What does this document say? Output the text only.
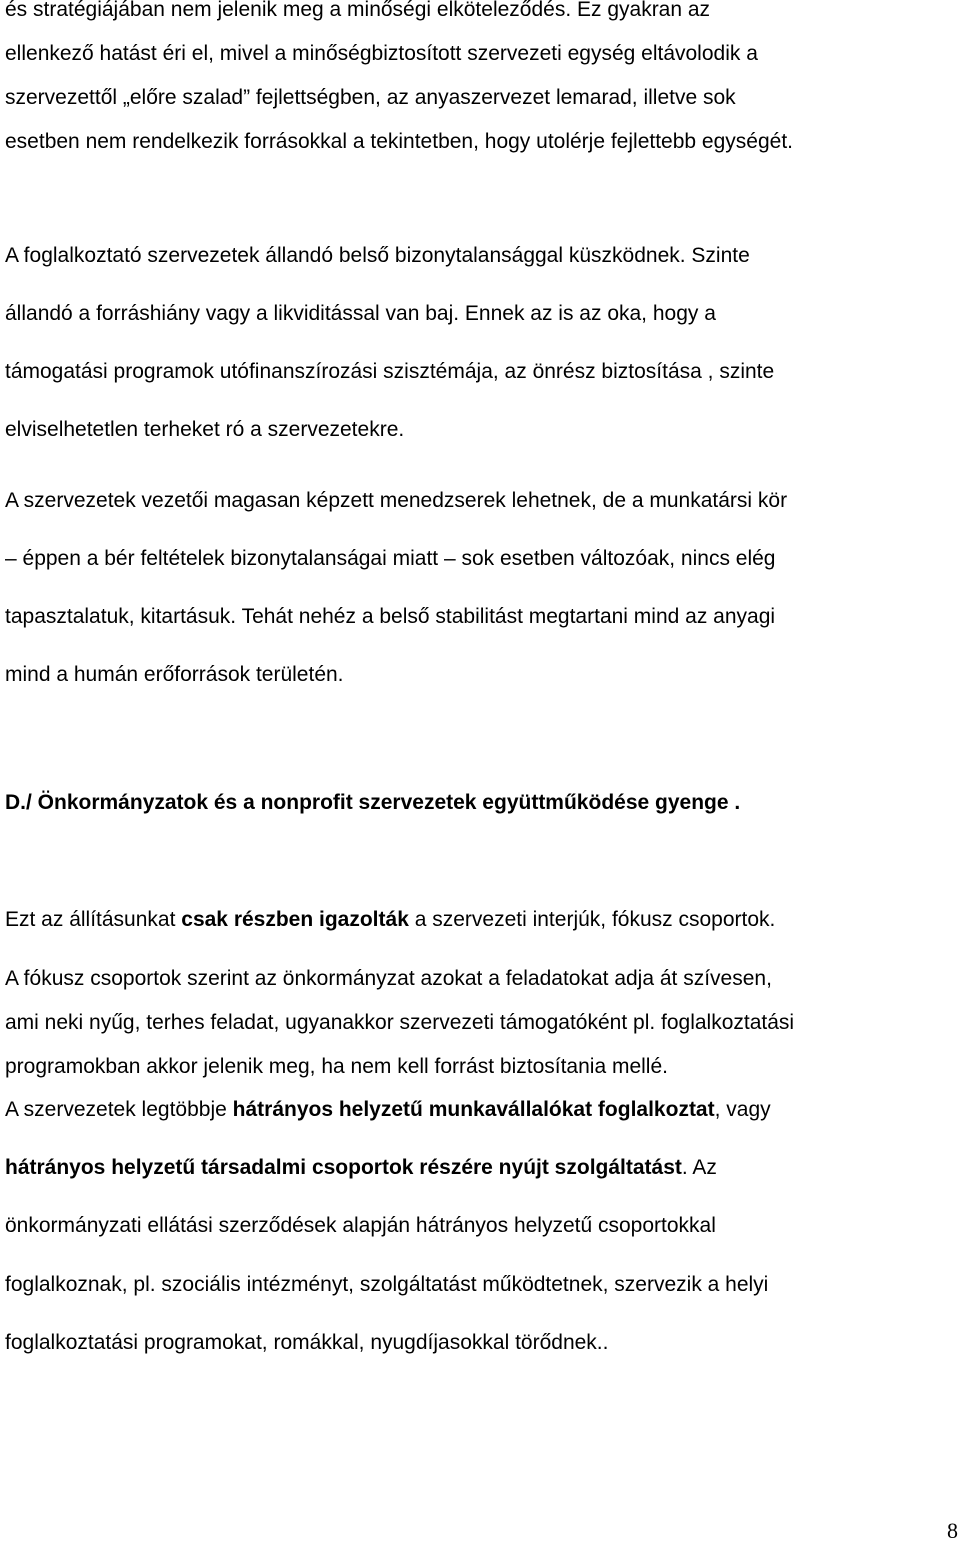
és stratégiájában nem jelenik meg a minőségi elköteleződés. Ez gyakran az
ellenkező hatást éri el, mivel a minőségbiztosított szervezeti egység eltávolodik a
szervezettől „előre szalad” fejlettségben, az anyaszervezet lemarad, illetve sok
esetben nem rendelkezik forrásokkal a tekintetben, hogy utolérje fejlettebb egységét.
A foglalkoztató szervezetek állandó belső bizonytalansággal küszködnek. Szinte
állandó a forráshiány vagy a likviditással van baj. Ennek az is az oka, hogy a
támogatási programok utófinanszírozási szisztémája, az önrész biztosítása , szinte
elviselhetetlen terheket ró a szervezetekre.
A szervezetek vezetői magasan képzett menedzserek lehetnek, de a munkatársi kör
– éppen a bér feltételek bizonytalanságai miatt – sok esetben változóak, nincs elég
tapasztalatuk, kitartásuk. Tehát nehéz a belső stabilitást megtartani mind az anyagi
mind a humán erőforrások területén.
D./ Önkormányzatok és a nonprofit szervezetek együttműködése gyenge .
Ezt az állításunkat csak részben igazolták a szervezeti interjúk, fókusz csoportok.
A fókusz csoportok szerint az önkormányzat azokat a feladatokat adja át szívesen,
ami neki nyűg, terhes feladat, ugyanakkor szervezeti támogatóként pl. foglalkoztatási
programokban akkor jelenik meg, ha nem kell forrást biztosítania mellé.
A szervezetek legtöbbje hátrányos helyzetű munkavállalókat foglalkoztat, vagy
hátrányos helyzetű társadalmi csoportok részére nyújt szolgáltatást. Az
önkormányzati ellátási szerződések alapján hátrányos helyzetű csoportokkal
foglalkoznak, pl. szociális intézményt, szolgáltatást működtetnek, szervezik a helyi
foglalkoztatási programokat, romákkal, nyugdíjasokkal törődnek..
8
